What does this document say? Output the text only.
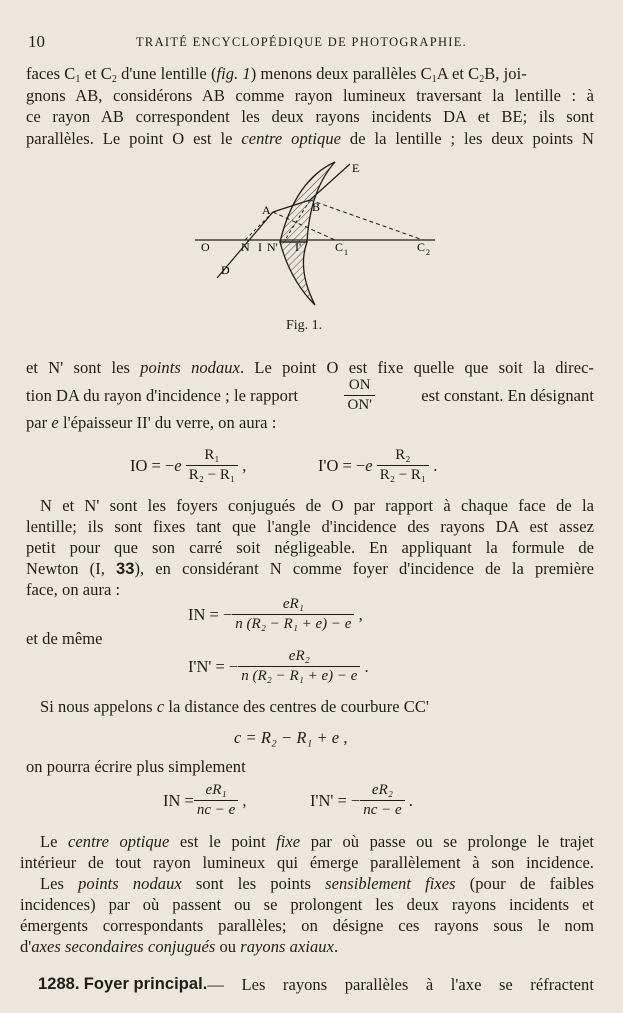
10	TRAITÉ ENCYCLOPÉDIQUE DE PHOTOGRAPHIE.
faces $C_1$ et $C_2$ d'une lentille (fig. 1) menons deux parallèles $C_1A$ et $C_2B$, joi-
gnons AB, considérons AB comme rayon lumineux traversant la lentille : à
ce rayon AB correspondent les deux rayons incidents DA et BE; ils sont
parallèles. Le point O est le centre optique de la lentille ; les deux points N
E
A	B
O	N I N' I'	C 1	C 2
D
Fig. 1.
et N' sont les points nodaux. Le point O est fixe quelle que soit la direc-
tion DA du rayon d'incidence ; le rapport	$\frac{ON}{ON'}$	est constant. En désignant
par e l'épaisseur II' du verre, on aura :
IO = − e
$\frac{\text{R₁}}{\text{R₂ − R₁}}$
,	I'O = − e
$\frac{\text{R₂}}{\text{R₂ − R₁}}$
.
N et N' sont les foyers conjugués de O par rapport à chaque face de la
lentille; ils sont fixes tant que l'angle d'incidence des rayons DA est assez
petit pour que son carré soit négligeable. En appliquant la formule de
Newton (I, 33), en considérant N comme foyer d'incidence de la première
face, on aura :
IN = − $\frac{\text{eR₁}}{\text{n (R₂ − R₁ + e) − e}}$
,
et de même
I'N' = − $\frac{\text{eR₂}}{\text{n (R₂ − R₁ + e) − e}}$
.
Si nous appelons c la distance des centres de courbure CC'
c = R₂ − R₁ + e ,
on pourra écrire plus simplement
IN = $\frac{\text{eR₁}}{nc - e}$
,	I'N' = − $\frac{\text{eR₂}}{nc - e}$
.
Le centre optique est le point fixe par où passe ou se prolonge le trajet
intérieur de tout rayon lumineux qui émerge parallèlement à son incidence.
Les points nodaux sont les points sensiblement fixes (pour de faibles
incidences) par où passent ou se prolongent les deux rayons incidents et
émergents correspondants parallèles; on désigne ces rayons sous le nom
d'axes secondaires conjugués ou rayons axiaux.
1288.
Foyer principal. — Les rayons parallèles à l'axe se réfractent
